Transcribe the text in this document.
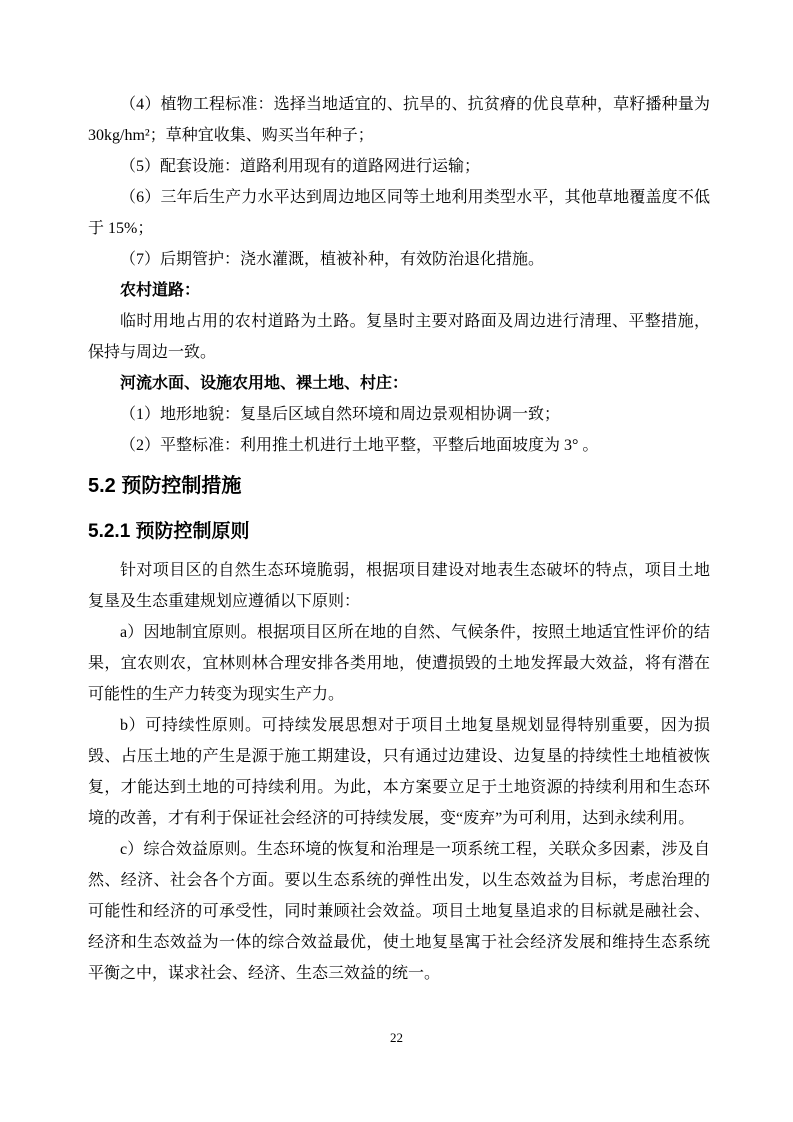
（4）植物工程标准：选择当地适宜的、抗旱的、抗贫瘠的优良草种，草籽播种量为 30kg/hm²；草种宜收集、购买当年种子；

（5）配套设施：道路利用现有的道路网进行运输；

（6）三年后生产力水平达到周边地区同等土地利用类型水平，其他草地覆盖度不低于 15%；

（7）后期管护：浇水灌溉，植被补种，有效防治退化措施。

农村道路：

临时用地占用的农村道路为土路。复垦时主要对路面及周边进行清理、平整措施，保持与周边一致。

河流水面、设施农用地、裸土地、村庄：

（1）地形地貌：复垦后区域自然环境和周边景观相协调一致；

（2）平整标准：利用推土机进行土地平整，平整后地面坡度为 3° 。

5.2 预防控制措施
5.2.1 预防控制原则

针对项目区的自然生态环境脆弱，根据项目建设对地表生态破坏的特点，项目土地复垦及生态重建规划应遵循以下原则：

a）因地制宜原则。根据项目区所在地的自然、气候条件，按照土地适宜性评价的结果，宜农则农，宜林则林合理安排各类用地，使遭损毁的土地发挥最大效益，将有潜在可能性的生产力转变为现实生产力。

b）可持续性原则。可持续发展思想对于项目土地复垦规划显得特别重要，因为损毁、占压土地的产生是源于施工期建设，只有通过边建设、边复垦的持续性土地植被恢复，才能达到土地的可持续利用。为此，本方案要立足于土地资源的持续利用和生态环境的改善，才有利于保证社会经济的可持续发展，变“废弃”为可利用，达到永续利用。

c）综合效益原则。生态环境的恢复和治理是一项系统工程，关联众多因素，涉及自然、经济、社会各个方面。要以生态系统的弹性出发，以生态效益为目标，考虑治理的可能性和经济的可承受性，同时兼顾社会效益。项目土地复垦追求的目标就是融社会、经济和生态效益为一体的综合效益最优，使土地复垦寓于社会经济发展和维持生态系统平衡之中，谋求社会、经济、生态三效益的统一。

22
